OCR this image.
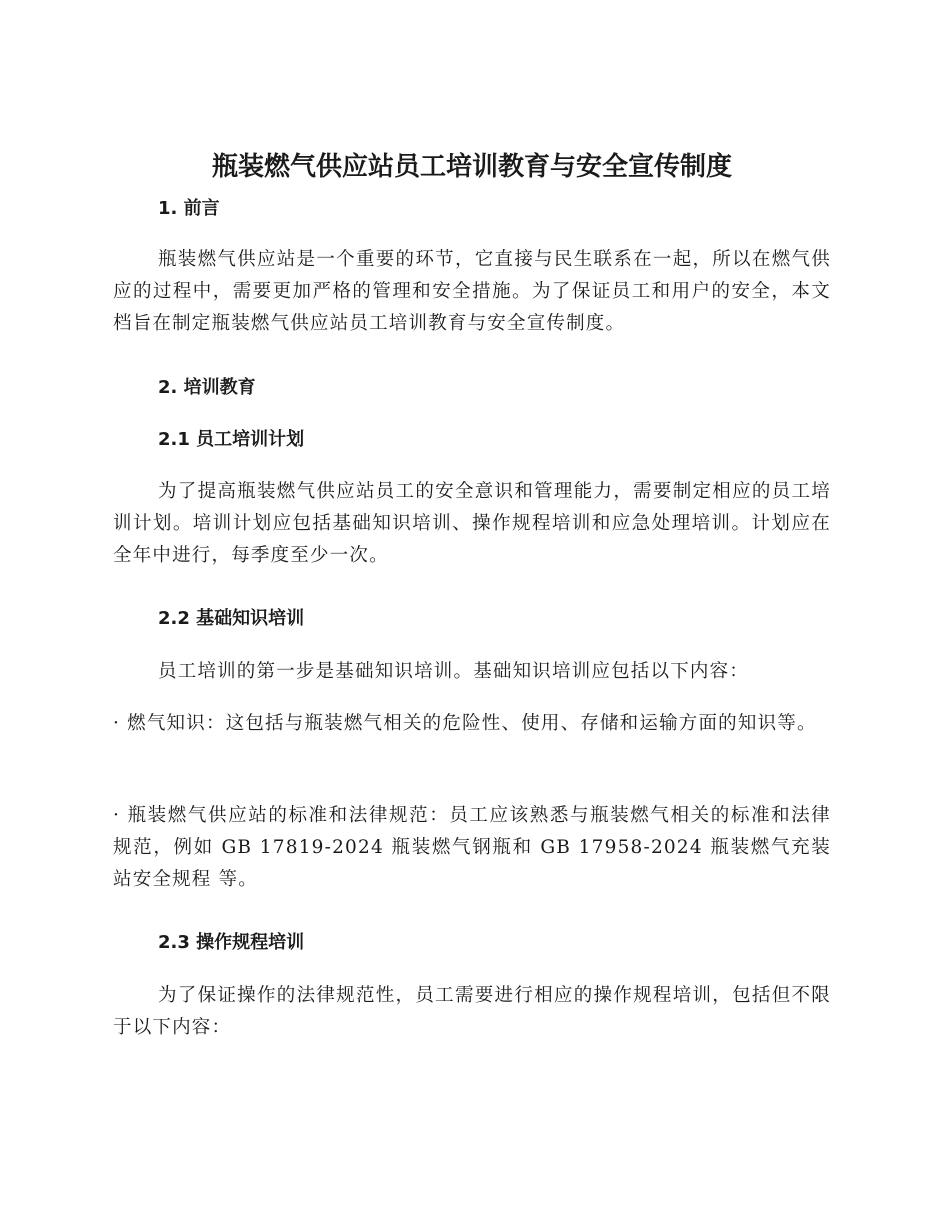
瓶装燃气供应站员工培训教育与安全宣传制度
1. 前言

瓶装燃气供应站是一个重要的环节，它直接与民生联系在一起，所以在燃气供应的过程中，需要更加严格的管理和安全措施。为了保证员工和用户的安全，本文档旨在制定瓶装燃气供应站员工培训教育与安全宣传制度。

2. 培训教育
2.1 员工培训计划

为了提高瓶装燃气供应站员工的安全意识和管理能力，需要制定相应的员工培训计划。培训计划应包括基础知识培训、操作规程培训和应急处理培训。计划应在全年中进行，每季度至少一次。

2.2 基础知识培训

员工培训的第一步是基础知识培训。基础知识培训应包括以下内容：

· 燃气知识：这包括与瓶装燃气相关的危险性、使用、存储和运输方面的知识等。

· 瓶装燃气供应站的标准和法律规范：员工应该熟悉与瓶装燃气相关的标准和法律规范，例如 GB 17819-2024 瓶装燃气钢瓶和 GB 17958-2024 瓶装燃气充装站安全规程 等。

2.3 操作规程培训

为了保证操作的法律规范性，员工需要进行相应的操作规程培训，包括但不限于以下内容：
